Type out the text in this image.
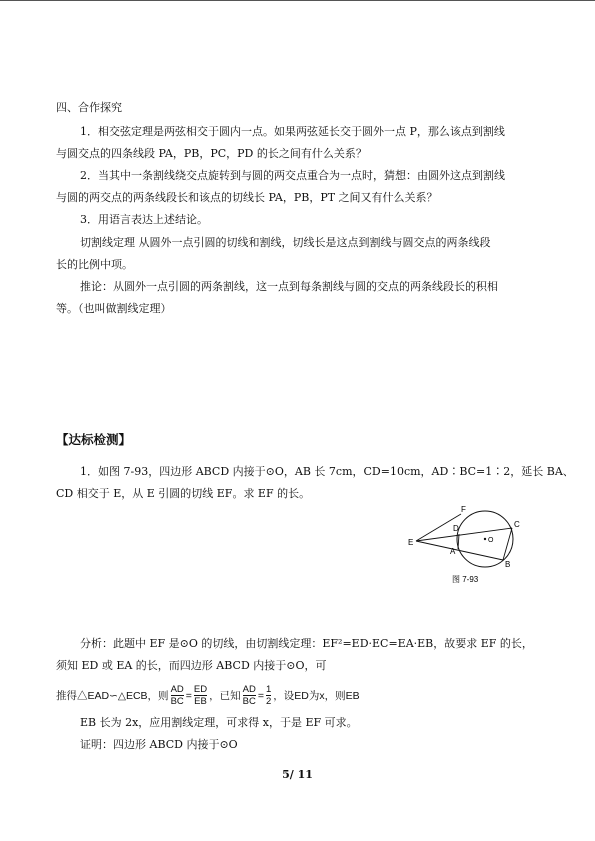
四、合作探究
1．相交弦定理是两弦相交于圆内一点。如果两弦延长交于圆外一点 P，那么该点到割线
与圆交点的四条线段 PA，PB，PC，PD 的长之间有什么关系？
2．当其中一条割线绕交点旋转到与圆的两交点重合为一点时，猜想：由圆外这点到割线
与圆的两交点的两条线段长和该点的切线长 PA，PB，PT 之间又有什么关系？
3．用语言表达上述结论。
切割线定理 从圆外一点引圆的切线和割线，切线长是这点到割线与圆交点的两条线段
长的比例中项。
推论：从圆外一点引圆的两条割线，这一点到每条割线与圆的交点的两条线段长的积相
等。（也叫做割线定理）
【达标检测】
1．如图 7-93，四边形 ABCD 内接于⊙O，AB 长 7cm，CD=10cm，AD∶BC=1∶2，延长 BA、
CD 相交于 E，从 E 引圆的切线 EF。求 EF 的长。
E
F
D	C
A
B
O
图 7-93
分析：此题中 EF 是⊙O 的切线，由切割线定理：EF²=ED·EC=EA·EB，故要求 EF 的长，
须知 ED 或 EA 的长，而四边形 ABCD 内接于⊙O，可
推得△EAD∽△ECB，则 $\frac{AD}{BC} = \frac{ED}{EB}$ ，已知 $\frac{AD}{BC} = \frac{1}{2}$ ，设ED为x，则EB
EB 长为 2x，应用割线定理，可求得 x，于是 EF 可求。
证明：四边形 ABCD 内接于⊙O
5/ 11
